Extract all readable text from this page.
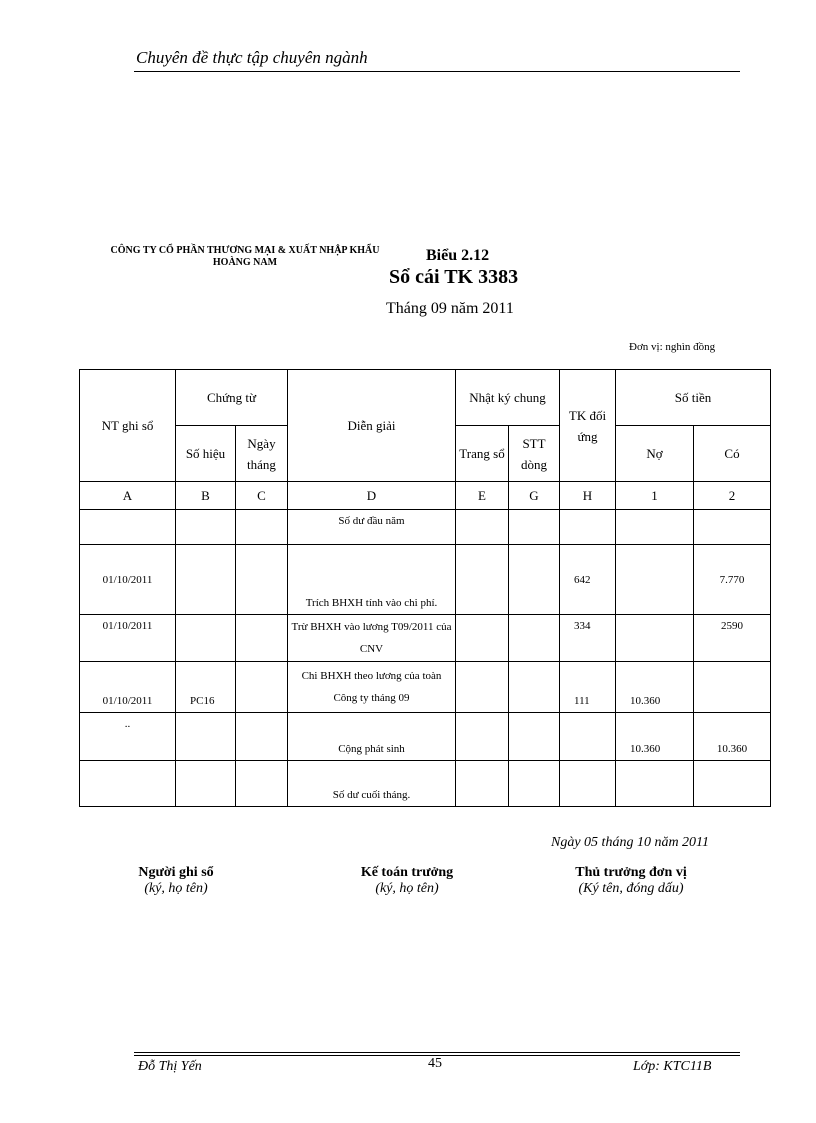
Chuyên đề thực tập chuyên ngành
CÔNG TY CỔ PHẦN THƯƠNG MẠI & XUẤT NHẬP KHẨU
HOÀNG NAM	Biểu 2.12
Sổ cái TK 3383
Tháng 09 năm 2011
Đơn vị: nghìn đồng
NT ghi sổ	Chứng từ		Diễn giải	Nhật ký chung		TK đối ứng	Số tiền	
	Số hiệu	Ngày tháng		Trang sổ	STT dòng		Nợ	Có
A	B	C	D	E	G	H	1	2
			Số dư đầu năm					
01/10/2011			Trích BHXH tính vào chi phí.			642		7.770
01/10/2011			Trừ BHXH vào lương T09/2011 của CNV			334		2590
01/10/2011	PC16		Chi BHXH theo lương của toàn Công ty tháng 09			111	10.360	
..			Cộng phát sinh				10.360	10.360
			Số dư cuối tháng.					
Ngày 05 tháng 10 năm 2011
Người ghi sổ
(ký, họ tên)
Kế toán trưởng
(ký, họ tên)
Thủ trưởng đơn vị
(Ký tên, đóng dấu)
Đỗ Thị Yến	45	Lớp: KTC11B
